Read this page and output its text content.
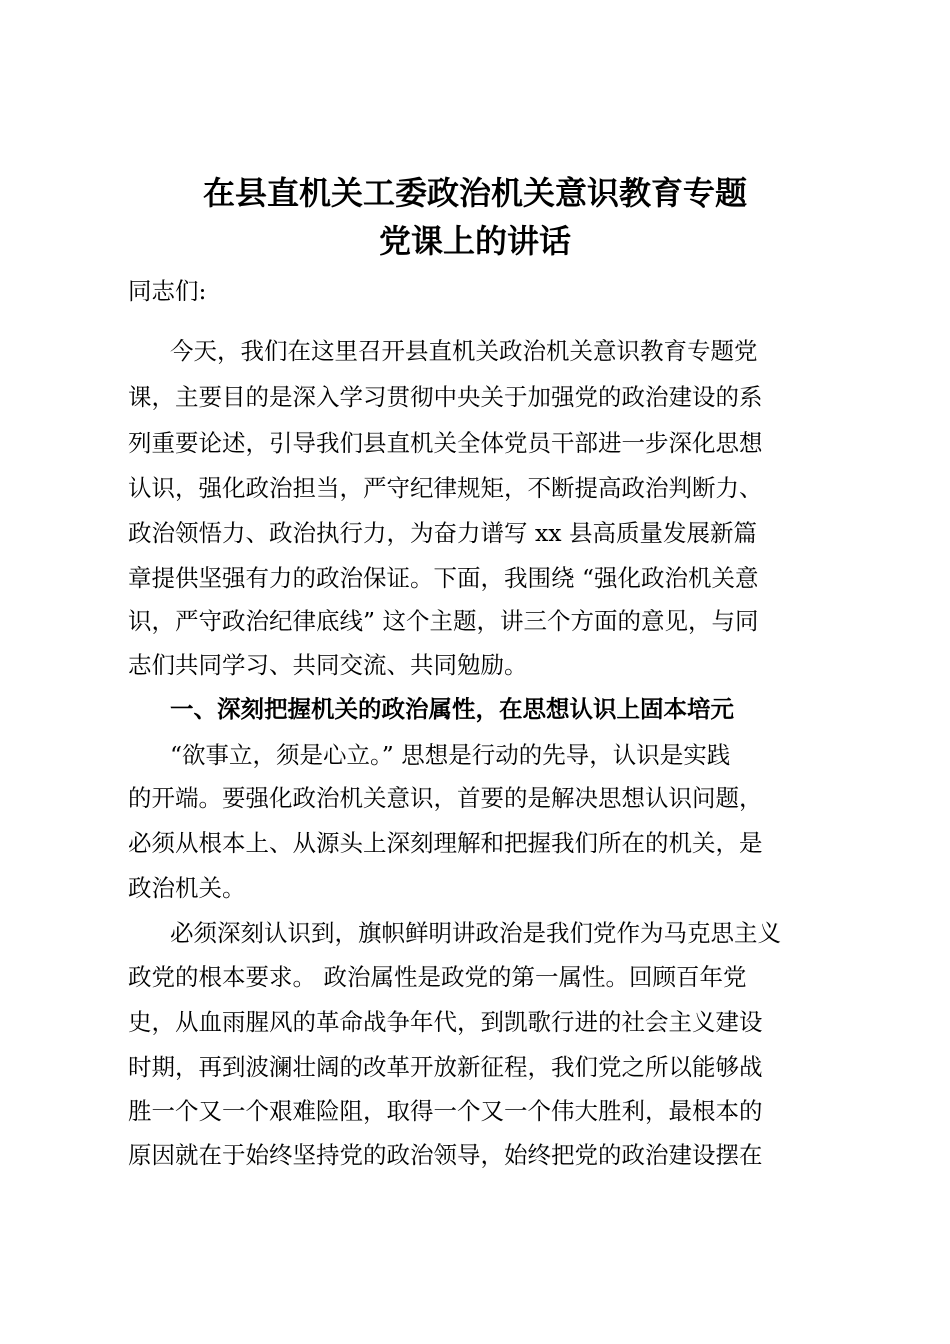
在县直机关工委政治机关意识教育专题
党课上的讲话
同志们:
今天，我们在这里召开县直机关政治机关意识教育专题党
课，主要目的是深入学习贯彻中央关于加强党的政治建设的系
列重要论述，引导我们县直机关全体党员干部进一步深化思想
认识，强化政治担当，严守纪律规矩，不断提高政治判断力、
政治领悟力、政治执行力，为奋力谱写 xx 县高质量发展新篇
章提供坚强有力的政治保证。下面，我围绕 “强化政治机关意
识，严守政治纪律底线” 这个主题，讲三个方面的意见，与同
志们共同学习、共同交流、共同勉励。
一、深刻把握机关的政治属性，在思想认识上固本培元
“欲事立，须是心立。” 思想是行动的先导，认识是实践
的开端。要强化政治机关意识，首要的是解决思想认识问题，
必须从根本上、从源头上深刻理解和把握我们所在的机关，是
政治机关。
必须深刻认识到，旗帜鲜明讲政治是我们党作为马克思主义
政党的根本要求。 政治属性是政党的第一属性。回顾百年党
史，从血雨腥风的革命战争年代，到凯歌行进的社会主义建设
时期，再到波澜壮阔的改革开放新征程，我们党之所以能够战
胜一个又一个艰难险阻，取得一个又一个伟大胜利，最根本的
原因就在于始终坚持党的政治领导，始终把党的政治建设摆在
